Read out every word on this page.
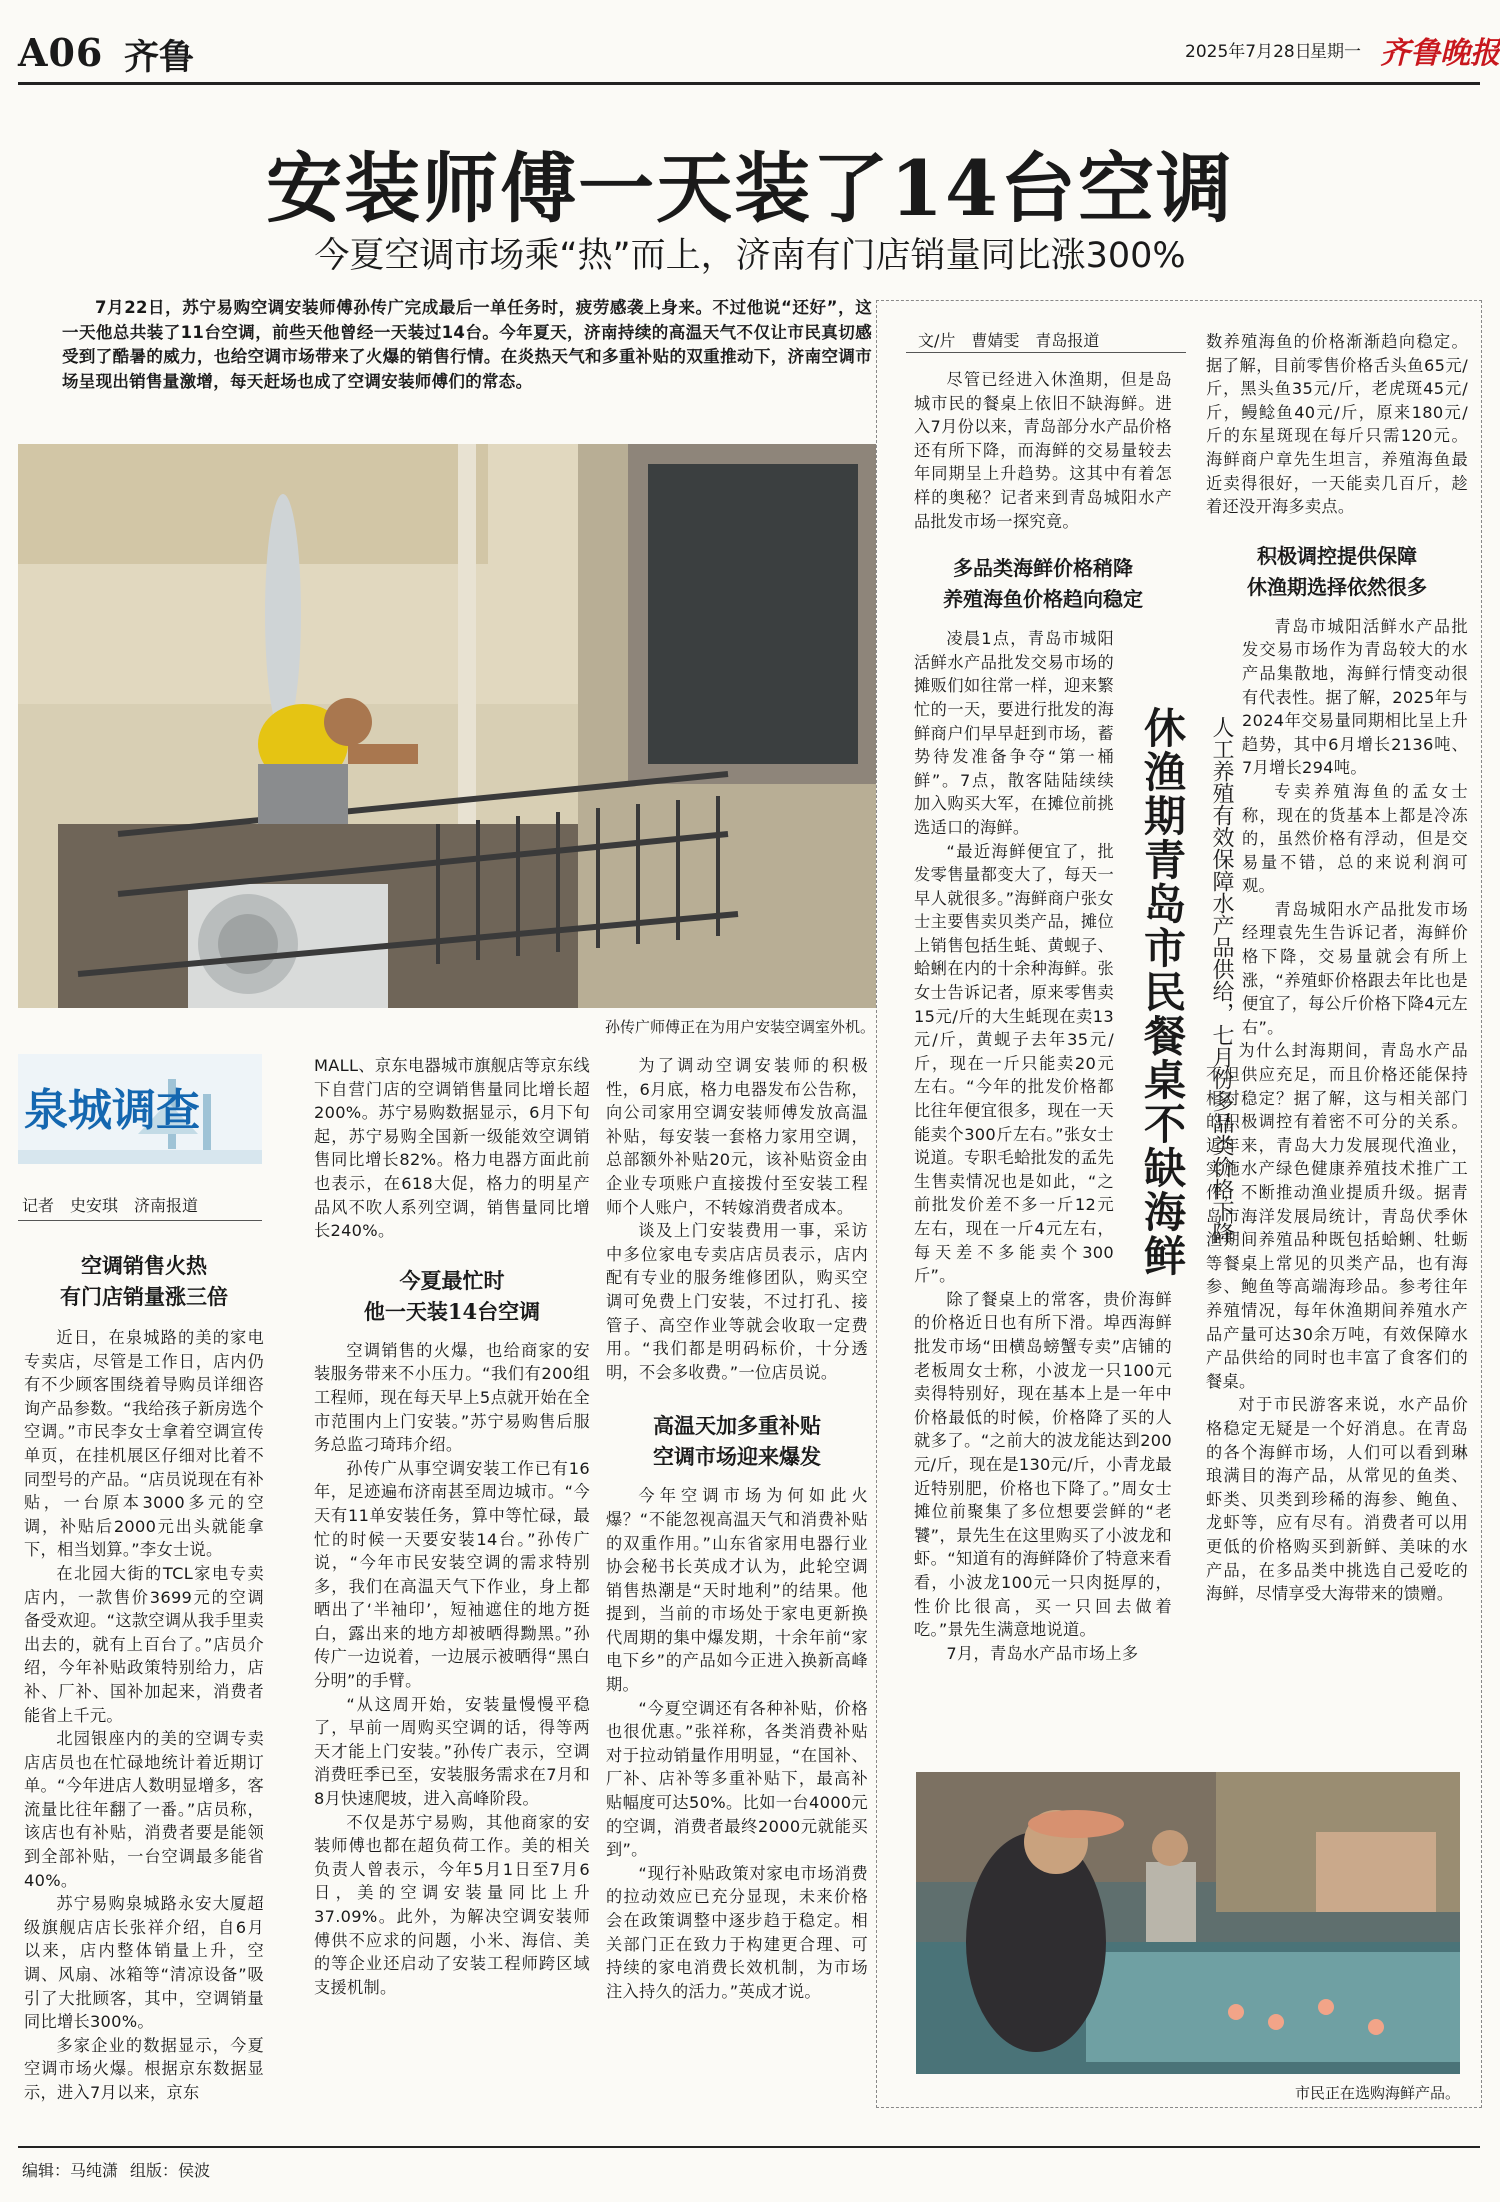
A06 齐鲁	2025年7月28日
星期一 齐鲁晚报
安装师傅一天装了14台空调
今夏空调市场乘“热”而上，济南有门店销量同比涨300%

7月22日，苏宁易购空调安装师傅孙传广完成最后一单任务时，疲劳感袭上身来。不过他说“还好”，这一天他总共装了11台空调，前些天他曾经一天装过14台。今年夏天，济南持续的高温天气不仅让市民真切感受到了酷暑的威力，也给空调市场带来了火爆的销售行情。在炎热天气和多重补贴的双重推动下，济南空调市场呈现出销售量激增，每天赶场也成了空调安装师傅们的常态。

孙传广师傅正在为用户安装空调室外机。
泉城调查
记者　史安琪　济南报道
空调销售火热
有门店销量涨三倍

近日，在泉城路的美的家电专卖店，尽管是工作日，店内仍有不少顾客围绕着导购员详细咨询产品参数。“我给孩子新房选个空调。”市民李女士拿着空调宣传单页，在挂机展区仔细对比着不同型号的产品。“店员说现在有补贴，一台原本3000多元的空调，补贴后2000元出头就能拿下，相当划算。”李女士说。

在北园大街的TCL家电专卖店内，一款售价3699元的空调备受欢迎。“这款空调从我手里卖出去的，就有上百台了。”店员介绍，今年补贴政策特别给力，店补、厂补、国补加起来，消费者能省上千元。

北园银座内的美的空调专卖店店员也在忙碌地统计着近期订单。“今年进店人数明显增多，客流量比往年翻了一番。”店员称，该店也有补贴，消费者要是能领到全部补贴，一台空调最多能省40%。

苏宁易购泉城路永安大厦超级旗舰店店长张祥介绍，自6月以来，店内整体销量上升，空调、风扇、冰箱等“清凉设备”吸引了大批顾客，其中，空调销量同比增长300%。

多家企业的数据显示，今夏空调市场火爆。根据京东数据显示，进入7月以来，京东

MALL、京东电器城市旗舰店等京东线下自营门店的空调销售量同比增长超200%。苏宁易购数据显示，6月下旬起，苏宁易购全国新一级能效空调销售同比增长82%。格力电器方面此前也表示，在618大促，格力的明星产品风不吹人系列空调，销售量同比增长240%。

今夏最忙时
他一天装14台空调

空调销售的火爆，也给商家的安装服务带来不小压力。“我们有200组工程师，现在每天早上5点就开始在全市范围内上门安装。”苏宁易购售后服务总监刁琦玮介绍。

孙传广从事空调安装工作已有16年，足迹遍布济南甚至周边城市。“今天有11单安装任务，算中等忙碌，最忙的时候一天要安装14台。”孙传广说，“今年市民安装空调的需求特别多，我们在高温天气下作业，身上都晒出了‘半袖印’，短袖遮住的地方挺白，露出来的地方却被晒得黝黑。”孙传广一边说着，一边展示被晒得“黑白分明”的手臂。

“从这周开始，安装量慢慢平稳了，早前一周购买空调的话，得等两天才能上门安装。”孙传广表示，空调消费旺季已至，安装服务需求在7月和8月快速爬坡，进入高峰阶段。

不仅是苏宁易购，其他商家的安装师傅也都在超负荷工作。美的相关负责人曾表示，今年5月1日至7月6日，美的空调安装量同比上升37.09%。此外，为解决空调安装师傅供不应求的问题，小米、海信、美的等企业还启动了安装工程师跨区域支援机制。

为了调动空调安装师的积极性，6月底，格力电器发布公告称，向公司家用空调安装师傅发放高温补贴，每安装一套格力家用空调，总部额外补贴20元，该补贴资金由企业专项账户直接拨付至安装工程师个人账户，不转嫁消费者成本。

谈及上门安装费用一事，采访中多位家电专卖店店员表示，店内配有专业的服务维修团队，购买空调可免费上门安装，不过打孔、接管子、高空作业等就会收取一定费用。“我们都是明码标价，十分透明，不会多收费。”一位店员说。

高温天加多重补贴
空调市场迎来爆发

今年空调市场为何如此火爆？“不能忽视高温天气和消费补贴的双重作用。”山东省家用电器行业协会秘书长英成才认为，此轮空调销售热潮是“天时地利”的结果。他提到，当前的市场处于家电更新换代周期的集中爆发期，十余年前“家电下乡”的产品如今正进入换新高峰期。

“今夏空调还有各种补贴，价格也很优惠。”张祥称，各类消费补贴对于拉动销量作用明显，“在国补、厂补、店补等多重补贴下，最高补贴幅度可达50%。比如一台4000元的空调，消费者最终2000元就能买到”。

“现行补贴政策对家电市场消费的拉动效应已充分显现，未来价格会在政策调整中逐步趋于稳定。相关部门正在致力于构建更合理、可持续的家电消费长效机制，为市场注入持久的活力。”英成才说。

文/片　曹婧雯　青岛报道

尽管已经进入休渔期，但是岛城市民的餐桌上依旧不缺海鲜。进入7月份以来，青岛部分水产品价格还有所下降，而海鲜的交易量较去年同期呈上升趋势。这其中有着怎样的奥秘？记者来到青岛城阳水产品批发市场一探究竟。

多品类海鲜价格稍降
养殖海鱼价格趋向稳定

凌晨1点，青岛市城阳活鲜水产品批发交易市场的摊贩们如往常一样，迎来繁忙的一天，要进行批发的海鲜商户们早早赶到市场，蓄势待发准备争夺“第一桶鲜”。7点，散客陆陆续续加入购买大军，在摊位前挑选适口的海鲜。

“最近海鲜便宜了，批发零售量都变大了，每天一早人就很多。”海鲜商户张女士主要售卖贝类产品，摊位上销售包括生蚝、黄蚬子、蛤蜊在内的十余种海鲜。张女士告诉记者，原来零售卖15元/斤的大生蚝现在卖13元/斤，黄蚬子去年35元/斤，现在一斤只能卖20元左右。“今年的批发价格都比往年便宜很多，现在一天能卖个300斤左右。”张女士说道。专职毛蛤批发的孟先生售卖情况也是如此，“之前批发价差不多一斤12元左右，现在一斤4元左右，每天差不多能卖个300斤”。

除了餐桌上的常客，贵价海鲜的价格近日也有所下滑。埠西海鲜批发市场“田横岛螃蟹专卖”店铺的老板周女士称，小波龙一只100元卖得特别好，现在基本上是一年中价格最低的时候，价格降了买的人就多了。“之前大的波龙能达到200元/斤，现在是130元/斤，小青龙最近特别肥，价格也下降了。”周女士摊位前聚集了多位想要尝鲜的“老饕”，景先生在这里购买了小波龙和虾。“知道有的海鲜降价了特意来看看，小波龙100元一只肉挺厚的，性价比很高，买一只回去做着吃。”景先生满意地说道。

7月，青岛水产品市场上多

休渔期青岛市民餐桌不缺海鲜 人工养殖有效保障水产品供给，七月份多品类价格下降

数养殖海鱼的价格渐渐趋向稳定。据了解，目前零售价格舌头鱼65元/斤，黑头鱼35元/斤，老虎斑45元/斤，鳗鲶鱼40元/斤，原来180元/斤的东星斑现在每斤只需120元。海鲜商户章先生坦言，养殖海鱼最近卖得很好，一天能卖几百斤，趁着还没开海多卖点。

积极调控提供保障
休渔期选择依然很多

青岛市城阳活鲜水产品批发交易市场作为青岛较大的水产品集散地，海鲜行情变动很有代表性。据了解，2025年与2024年交易量同期相比呈上升趋势，其中6月增长2136吨、7月增长294吨。

专卖养殖海鱼的孟女士称，现在的货基本上都是冷冻的，虽然价格有浮动，但是交易量不错，总的来说利润可观。

青岛城阳水产品批发市场经理袁先生告诉记者，海鲜价格下降，交易量就会有所上涨，“养殖虾价格跟去年比也是便宜了，每公斤价格下降4元左右”。

为什么封海期间，青岛水产品不但供应充足，而且价格还能保持相对稳定？据了解，这与相关部门的积极调控有着密不可分的关系。近年来，青岛大力发展现代渔业，实施水产绿色健康养殖技术推广工作，不断推动渔业提质升级。据青岛市海洋发展局统计，青岛伏季休渔期间养殖品种既包括蛤蜊、牡蛎等餐桌上常见的贝类产品，也有海参、鲍鱼等高端海珍品。参考往年养殖情况，每年休渔期间养殖水产品产量可达30余万吨，有效保障水产品供给的同时也丰富了食客们的餐桌。

对于市民游客来说，水产品价格稳定无疑是一个好消息。在青岛的各个海鲜市场，人们可以看到琳琅满目的海产品，从常见的鱼类、虾类、贝类到珍稀的海参、鲍鱼、龙虾等，应有尽有。消费者可以用更低的价格购买到新鲜、美味的水产品，在多品类中挑选自己爱吃的海鲜，尽情享受大海带来的馈赠。

市民正在选购海鲜产品。
编辑：马纯潇 组版：侯波
